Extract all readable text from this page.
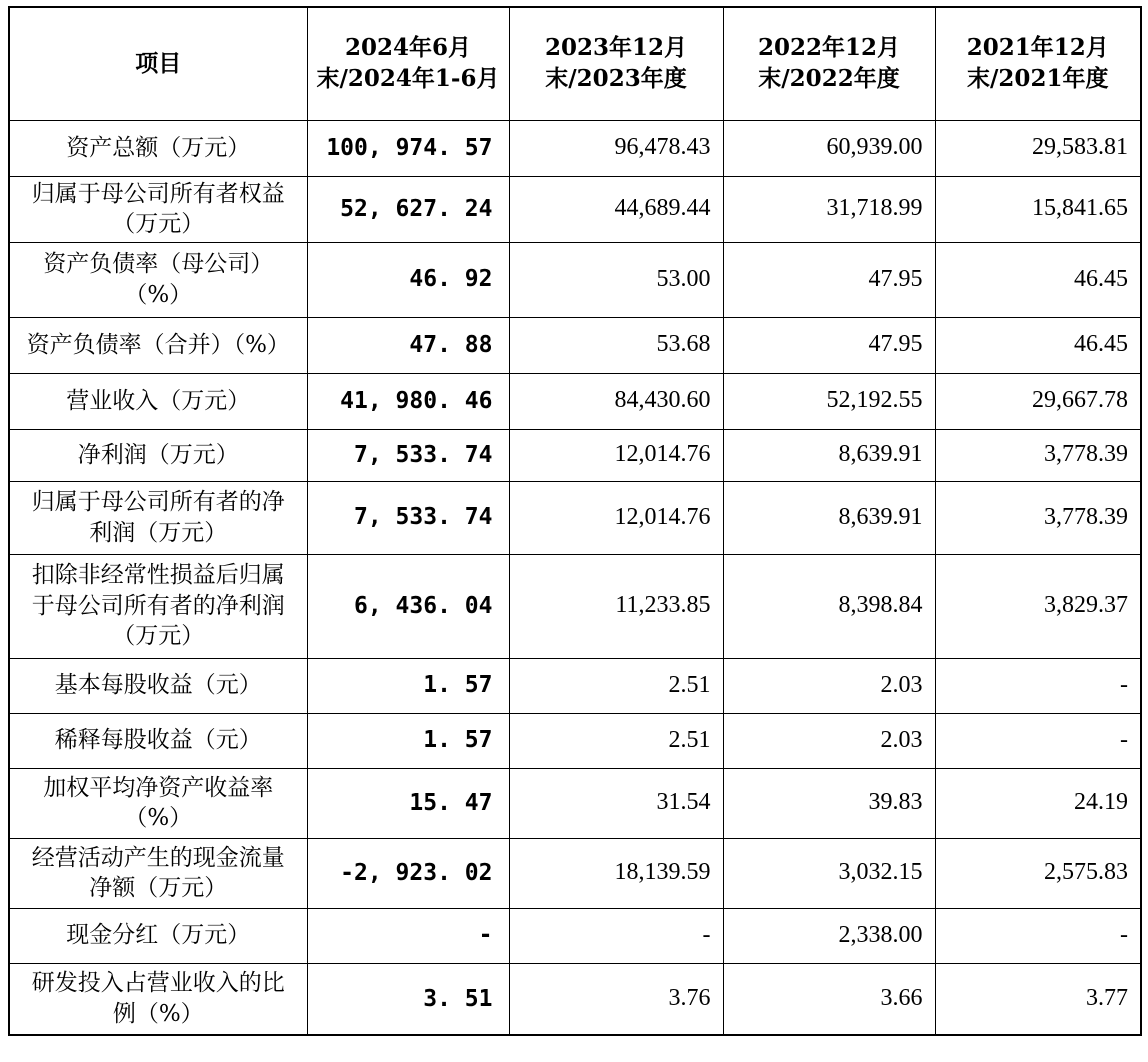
项目	2024年6月末/2024年1-6月	2023年12月末/2023年度	2022年12月末/2022年度	2021年12月末/2021年度
资产总额（万元）	100, 974. 57	96,478.43	60,939.00	29,583.81
归属于母公司所有者权益（万元）	52, 627. 24	44,689.44	31,718.99	15,841.65
资产负债率（母公司）（%）	46. 92	53.00	47.95	46.45
资产负债率（合并）（%）	47. 88	53.68	47.95	46.45
营业收入（万元）	41, 980. 46	84,430.60	52,192.55	29,667.78
净利润（万元）	7, 533. 74	12,014.76	8,639.91	3,778.39
归属于母公司所有者的净利润（万元）	7, 533. 74	12,014.76	8,639.91	3,778.39
扣除非经常性损益后归属于母公司所有者的净利润（万元）	6, 436. 04	11,233.85	8,398.84	3,829.37
基本每股收益（元）	1. 57	2.51	2.03	-
稀释每股收益（元）	1. 57	2.51	2.03	-
加权平均净资产收益率（%）	15. 47	31.54	39.83	24.19
经营活动产生的现金流量净额（万元）	-2, 923. 02	18,139.59	3,032.15	2,575.83
现金分红（万元）	-	-	2,338.00	-
研发投入占营业收入的比例（%）	3. 51	3.76	3.66	3.77
